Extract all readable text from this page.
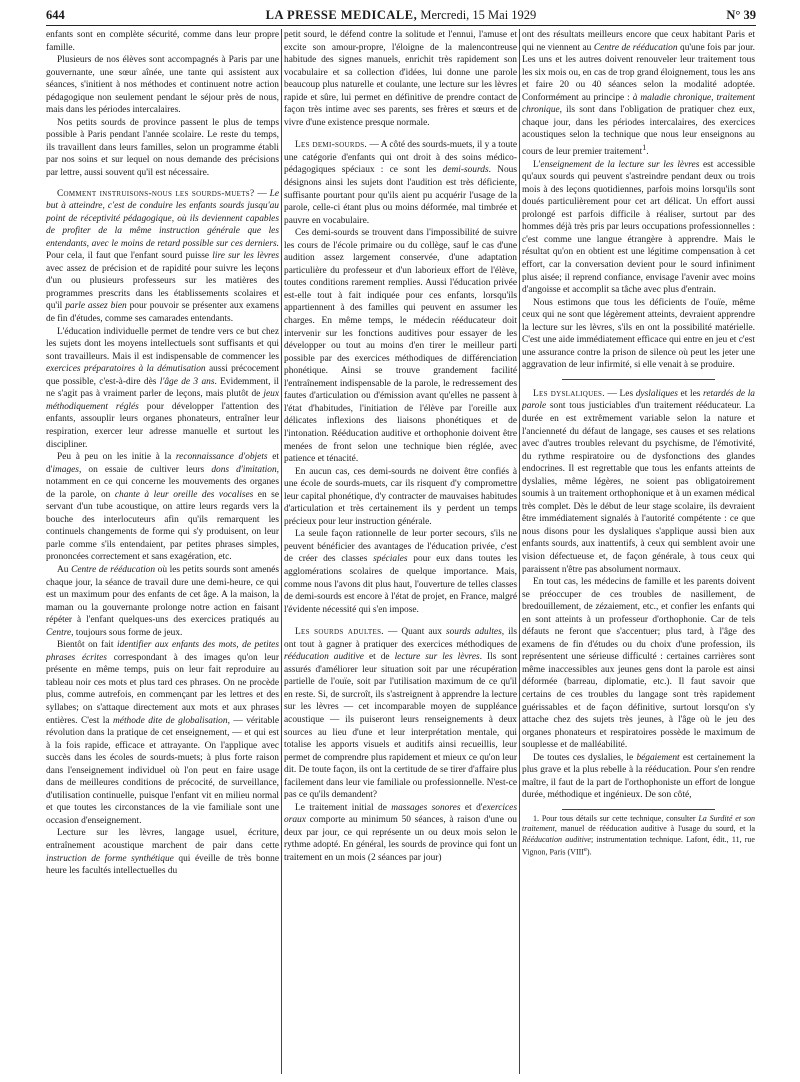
644	LA PRESSE MEDICALE, Mercredi, 15 Mai 1929	N° 39

enfants sont en complète sécurité, comme dans leur propre famille.

Plusieurs de nos élèves sont accompagnés à Paris par une gouvernante, une sœur aînée, une tante qui assistent aux séances, s'initient à nos méthodes et continuent notre action pédagogique non seulement pendant le séjour près de nous, mais dans les périodes intercalaires.

Nos petits sourds de province passent le plus de temps possible à Paris pendant l'année scolaire. Le reste du temps, ils travaillent dans leurs familles, selon un programme établi par nos soins et sur lequel on nous demande des précisions par lettre, aussi souvent qu'il est nécessaire.

Comment instruisons-nous les sourds-muets? — Le but à atteindre, c'est de conduire les enfants sourds jusqu'au point de réceptivité pédagogique, où ils deviennent capables de profiter de la même instruction générale que les entendants, avec le moins de retard possible sur ces derniers. Pour cela, il faut que l'enfant sourd puisse lire sur les lèvres avec assez de précision et de rapidité pour suivre les leçons d'un ou plusieurs professeurs sur les matières des programmes prescrits dans les établissements scolaires et qu'il parle assez bien pour pouvoir se présenter aux examens de fin d'études, comme ses camarades entendants.

L'éducation individuelle permet de tendre vers ce but chez les sujets dont les moyens intellectuels sont suffisants et qui sont travailleurs. Mais il est indispensable de commencer les exercices préparatoires à la démutisation aussi précocement que possible, c'est-à-dire dès l'âge de 3 ans. Evidemment, il ne s'agit pas à vraiment parler de leçons, mais plutôt de jeux méthodiquement réglés pour développer l'attention des enfants, assouplir leurs organes phonateurs, entraîner leur respiration, exercer leur adresse manuelle et surtout les discipliner.

Peu à peu on les initie à la reconnaissance d'objets et d'images, on essaie de cultiver leurs dons d'imitation, notamment en ce qui concerne les mouvements des organes de la parole, on chante à leur oreille des vocalises en se servant d'un tube acoustique, on attire leurs regards vers la bouche des interlocuteurs afin qu'ils remarquent les continuels changements de forme qui s'y produisent, on leur parle comme s'ils entendaient, par petites phrases simples, prononcées correctement et sans exagération, etc.

Au Centre de rééducation où les petits sourds sont amenés chaque jour, la séance de travail dure une demi-heure, ce qui est un maximum pour des enfants de cet âge. A la maison, la maman ou la gouvernante prolonge notre action en faisant répéter à l'enfant quelques-uns des exercices pratiqués au Centre, toujours sous forme de jeux.

Bientôt on fait identifier aux enfants des mots, de petites phrases écrites correspondant à des images qu'on leur présente en même temps, puis on leur fait reproduire au tableau noir ces mots et plus tard ces phrases. On ne procède plus, comme autrefois, en commençant par les lettres et des syllabes; on s'attaque directement aux mots et aux phrases entières. C'est la méthode dite de globalisation, — véritable révolution dans la pratique de cet enseignement, — et qui est à la fois rapide, efficace et attrayante. On l'applique avec succès dans les écoles de sourds-muets; à plus forte raison dans l'enseignement individuel où l'on peut en faire usage dans de meilleures conditions de précocité, de surveillance, d'utilisation continuelle, puisque l'enfant vit en milieu normal et que toutes les circonstances de la vie familiale sont une occasion d'enseignement.

Lecture sur les lèvres, langage usuel, écriture, entraînement acoustique marchent de pair dans cette instruction de forme synthétique qui éveille de très bonne heure les facultés intellectuelles du

petit sourd, le défend contre la solitude et l'ennui, l'amuse et excite son amour-propre, l'éloigne de la malencontreuse habitude des signes manuels, enrichit très rapidement son vocabulaire et sa collection d'idées, lui donne une parole beaucoup plus naturelle et coulante, une lecture sur les lèvres rapide et sûre, lui permet en définitive de prendre contact de façon très intime avec ses parents, ses frères et sœurs et de vivre d'une existence presque normale.

Les demi-sourds. — A côté des sourds-muets, il y a toute une catégorie d'enfants qui ont droit à des soins médico-pédagogiques spéciaux : ce sont les demi-sourds. Nous désignons ainsi les sujets dont l'audition est très déficiente, suffisante pourtant pour qu'ils aient pu acquérir l'usage de la parole, celle-ci étant plus ou moins déformée, mal timbrée et pauvre en vocabulaire.

Ces demi-sourds se trouvent dans l'impossibilité de suivre les cours de l'école primaire ou du collège, sauf le cas d'une audition assez largement conservée, d'une adaptation particulière du professeur et d'un laborieux effort de l'élève, toutes conditions rarement remplies. Aussi l'éducation privée est-elle tout à fait indiquée pour ces enfants, lorsqu'ils appartiennent à des familles qui peuvent en assumer les charges. En même temps, le médecin rééducateur doit intervenir sur les fonctions auditives pour essayer de les développer ou tout au moins d'en tirer le meilleur parti possible par des exercices méthodiques de différenciation phonétique. Ainsi se trouve grandement facilité l'entraînement indispensable de la parole, le redressement des fautes d'articulation ou d'émission avant qu'elles ne passent à l'état d'habitudes, l'initiation de l'élève par l'oreille aux délicates inflexions des liaisons phonétiques et de l'intonation. Rééducation auditive et orthophonie doivent être menées de front selon une technique bien réglée, avec patience et ténacité.

En aucun cas, ces demi-sourds ne doivent être confiés à une école de sourds-muets, car ils risquent d'y compromettre leur capital phonétique, d'y contracter de mauvaises habitudes d'articulation et très certainement ils y perdent un temps précieux pour leur instruction générale.

La seule façon rationnelle de leur porter secours, s'ils ne peuvent bénéficier des avantages de l'éducation privée, c'est de créer des classes spéciales pour eux dans toutes les agglomérations scolaires de quelque importance. Mais, comme nous l'avons dit plus haut, l'ouverture de telles classes de demi-sourds est encore à l'état de projet, en France, malgré l'évidente nécessité qui s'en impose.

Les sourds adultes. — Quant aux sourds adultes, ils ont tout à gagner à pratiquer des exercices méthodiques de rééducation auditive et de lecture sur les lèvres. Ils sont assurés d'améliorer leur situation soit par une récupération partielle de l'ouïe, soit par l'utilisation maximum de ce qu'il en reste. Si, de surcroît, ils s'astreignent à apprendre la lecture sur les lèvres — cet incomparable moyen de suppléance acoustique — ils puiseront leurs renseignements à deux sources au lieu d'une et leur interprétation mentale, qui totalise les apports visuels et auditifs ainsi recueillis, leur permet de comprendre plus rapidement et mieux ce qu'on leur dit. De toute façon, ils ont la certitude de se tirer d'affaire plus facilement dans leur vie familiale ou professionnelle. N'est-ce pas ce qu'ils demandent?

Le traitement initial de massages sonores et d'exercices oraux comporte au minimum 50 séances, à raison d'une ou deux par jour, ce qui représente un ou deux mois selon le rythme adopté. En général, les sourds de province qui font un traitement en un mois (2 séances par jour)

ont des résultats meilleurs encore que ceux habitant Paris et qui ne viennent au Centre de rééducation qu'une fois par jour. Les uns et les autres doivent renouveler leur traitement tous les six mois ou, en cas de trop grand éloignement, tous les ans et faire 20 ou 40 séances selon la modalité adoptée. Conformément au principe : à maladie chronique, traitement chronique, ils sont dans l'obligation de pratiquer chez eux, chaque jour, dans les périodes intercalaires, des exercices acoustiques selon la technique que nous leur enseignons au cours de leur premier traitement$^1$.

L'enseignement de la lecture sur les lèvres est accessible qu'aux sourds qui peuvent s'astreindre pendant deux ou trois mois à des leçons quotidiennes, parfois moins lorsqu'ils sont doués particulièrement pour cet art délicat. Un effort aussi prolongé est parfois difficile à réaliser, surtout par des hommes déjà très pris par leurs occupations professionnelles : c'est comme une langue étrangère à apprendre. Mais le résultat qu'on en obtient est une légitime compensation à cet effort, car la conversation devient pour le sourd infiniment plus aisée; il reprend confiance, envisage l'avenir avec moins d'angoisse et accomplit sa tâche avec plus d'entrain.

Nous estimons que tous les déficients de l'ouïe, même ceux qui ne sont que légèrement atteints, devraient apprendre la lecture sur les lèvres, s'ils en ont la possibilité matérielle. C'est une aide immédiatement efficace qui entre en jeu et c'est une assurance contre la prison de silence où peut les jeter une aggravation de leur infirmité, si elle venait à se produire.

Les dyslaliques. — Les dyslaliques et les retardés de la parole sont tous justiciables d'un traitement rééducateur. La durée en est extrêmement variable selon la nature et l'ancienneté du défaut de langage, ses causes et ses relations avec d'autres troubles relevant du psychisme, de l'émotivité, du rythme respiratoire ou de dysfonctions des glandes endocrines. Il est regrettable que tous les enfants atteints de dyslalies, même légères, ne soient pas obligatoirement soumis à un traitement orthophonique et à un examen médical très complet. Dès le début de leur stage scolaire, ils devraient être immédiatement signalés à l'autorité compétente : ce que nous disons pour les dyslaliques s'applique aussi bien aux enfants sourds, aux inattentifs, à ceux qui semblent avoir une vision défectueuse et, de façon générale, à tous ceux qui paraissent n'être pas absolument normaux.

En tout cas, les médecins de famille et les parents doivent se préoccuper de ces troubles de nasillement, de bredouillement, de zézaiement, etc., et confier les enfants qui en sont atteints à un professeur d'orthophonie. Car de tels défauts ne feront que s'accentuer; plus tard, à l'âge des examens de fin d'études ou du choix d'une profession, ils représentent une sérieuse difficulté : certaines carrières sont même inaccessibles aux jeunes gens dont la parole est ainsi déformée (barreau, diplomatie, etc.). Il faut savoir que certains de ces troubles du langage sont très rapidement guérissables et de façon définitive, surtout lorsqu'on s'y attache chez des sujets très jeunes, à l'âge où le jeu des organes phonateurs et respiratoires possède le maximum de souplesse et de malléabilité.

De toutes ces dyslalies, le bégaiement est certainement la plus grave et la plus rebelle à la rééducation. Pour s'en rendre maître, il faut de la part de l'orthophoniste un effort de longue durée, méthodique et ingénieux. De son côté,

1. Pour tous détails sur cette technique, consulter La Surdité et son traitement, manuel de rééducation auditive à l'usage du sourd, et la Rééducation auditive; instrumentation technique. Lafont, édit., 11, rue Vignon, Paris (VIIIe).
